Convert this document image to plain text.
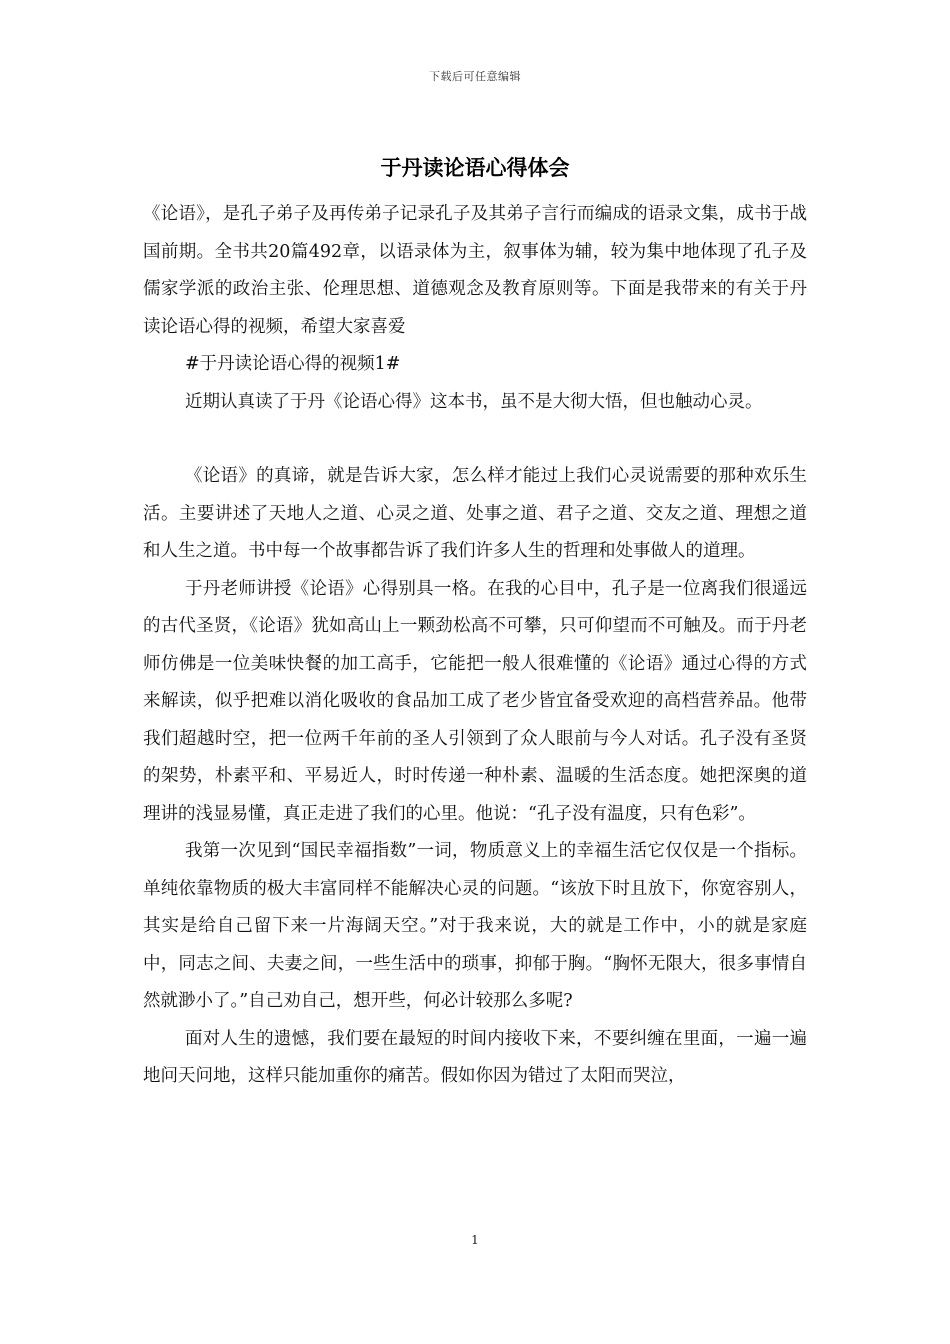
下载后可任意编辑
于丹读论语心得体会

《论语》，是孔子弟子及再传弟子记录孔子及其弟子言行而编成的语录文集，成书于战国前期。全书共20篇492章，以语录体为主，叙事体为辅，较为集中地体现了孔子及儒家学派的政治主张、伦理思想、道德观念及教育原则等。下面是我带来的有关于丹读论语心得的视频，希望大家喜爱

#于丹读论语心得的视频1#

近期认真读了于丹《论语心得》这本书，虽不是大彻大悟，但也触动心灵。

《论语》的真谛，就是告诉大家，怎么样才能过上我们心灵说需要的那种欢乐生活。主要讲述了天地人之道、心灵之道、处事之道、君子之道、交友之道、理想之道和人生之道。书中每一个故事都告诉了我们许多人生的哲理和处事做人的道理。

于丹老师讲授《论语》心得别具一格。在我的心目中，孔子是一位离我们很遥远的古代圣贤，《论语》犹如高山上一颗劲松高不可攀，只可仰望而不可触及。而于丹老师仿佛是一位美味快餐的加工高手，它能把一般人很难懂的《论语》通过心得的方式来解读，似乎把难以消化吸收的食品加工成了老少皆宜备受欢迎的高档营养品。他带我们超越时空，把一位两千年前的圣人引领到了众人眼前与今人对话。孔子没有圣贤的架势，朴素平和、平易近人，时时传递一种朴素、温暖的生活态度。她把深奥的道理讲的浅显易懂，真正走进了我们的心里。他说：“孔子没有温度，只有色彩”。

我第一次见到“国民幸福指数”一词，物质意义上的幸福生活它仅仅是一个指标。单纯依靠物质的极大丰富同样不能解决心灵的问题。“该放下时且放下，你宽容别人，其实是给自己留下来一片海阔天空。”对于我来说，大的就是工作中，小的就是家庭中，同志之间、夫妻之间，一些生活中的琐事，抑郁于胸。“胸怀无限大，很多事情自然就渺小了。”自己劝自己，想开些，何必计较那么多呢?

面对人生的遗憾，我们要在最短的时间内接收下来，不要纠缠在里面，一遍一遍地问天问地，这样只能加重你的痛苦。假如你因为错过了太阳而哭泣，

1
